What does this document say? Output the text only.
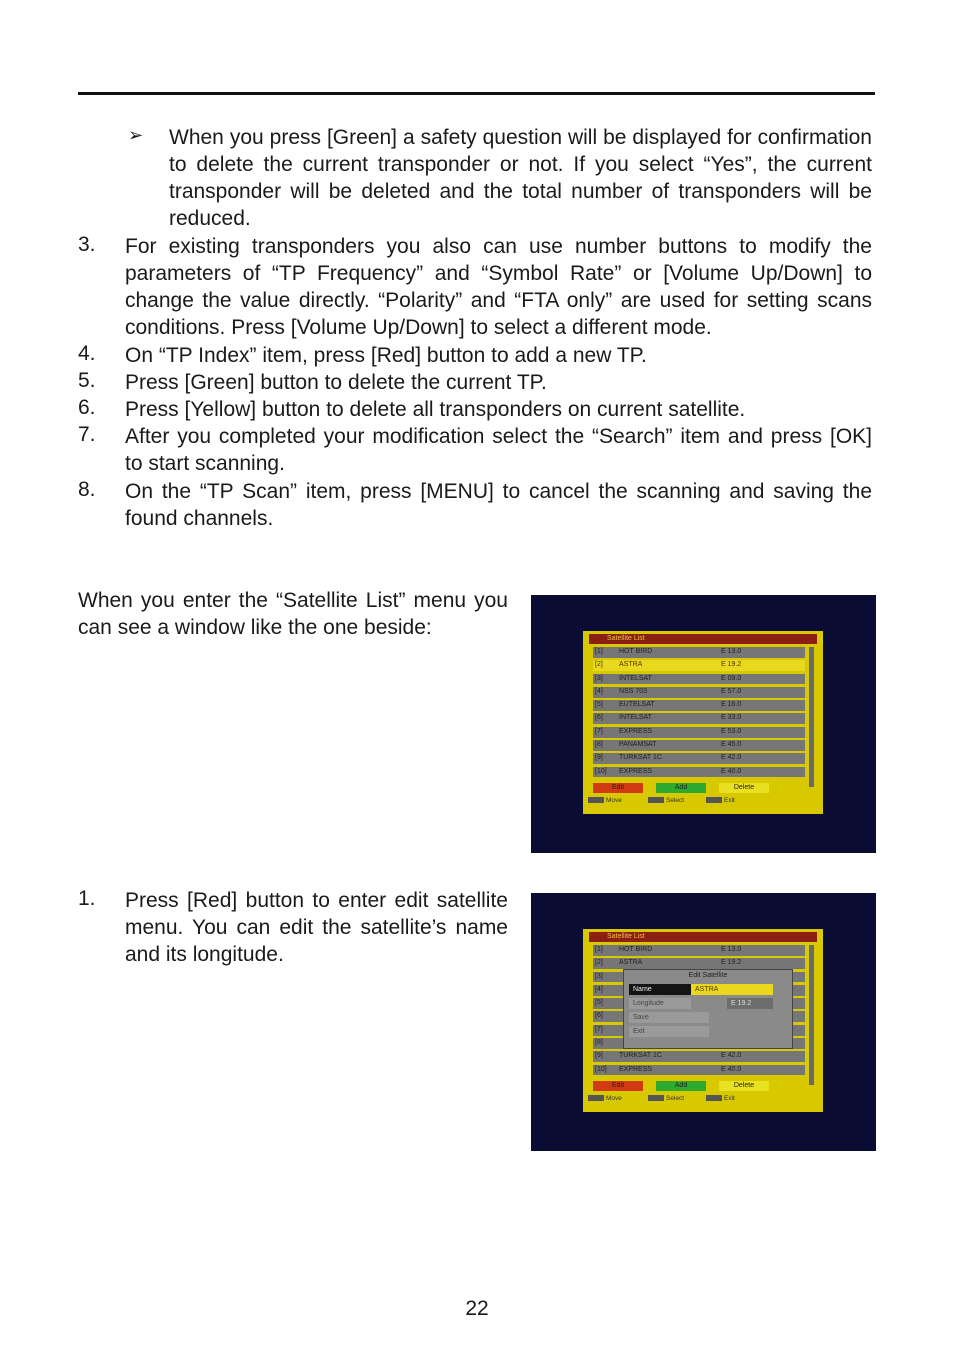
➢ When you press [Green] a safety question will be displayed for confirmation to delete the current transponder or not. If you select “Yes”, the current transponder will be deleted and the total number of transponders will be reduced.
3. For existing transponders you also can use number buttons to modify the parameters of “TP Frequency” and “Symbol Rate” or [Volume Up/Down] to change the value directly. “Polarity” and “FTA only” are used for setting scans conditions. Press [Volume Up/Down] to select a different mode.
4. On “TP Index” item, press [Red] button to add a new TP.
5. Press [Green] button to delete the current TP.
6. Press [Yellow] button to delete all transponders on current satellite.
7. After you completed your modification select the “Search” item and press [OK] to start scanning.
8. On the “TP Scan” item, press [MENU] to cancel the scanning and saving the found channels.
When you enter the “Satellite List” menu you can see a window like the one beside:	Satellite List
[1] HOT BIRD	E 13.0
[2] ASTRA	E 19.2
[3] INTELSAT	E 09.0
[4] NSS 703	E 57.0
[5] EUTELSAT	E 16.0
[6] INTELSAT	E 33.0
[7] EXPRESS	E 53.0
[8] PANAMSAT	E 45.0
[9] TURKSAT 1C	E 42.0
[10] EXPRESS	E 40.0
Edit	Add	Delete
Move	Select	Exit
1. Press [Red] button to enter edit satellite menu. You can edit the satellite’s name and its longitude.
Satellite List
[1] HOT BIRD	E 13.0
[2] ASTRA	E 19.2
[3]
[4]
[5]
[6]
[7]
[8]
[9] TURKSAT 1C	E 42.0
[10] EXPRESS	E 40.0
Edit Satellite
Name	ASTRA
Longitude	E 19.2
Save
Exit
Edit	Add	Delete
Move	Select	Exit
22
